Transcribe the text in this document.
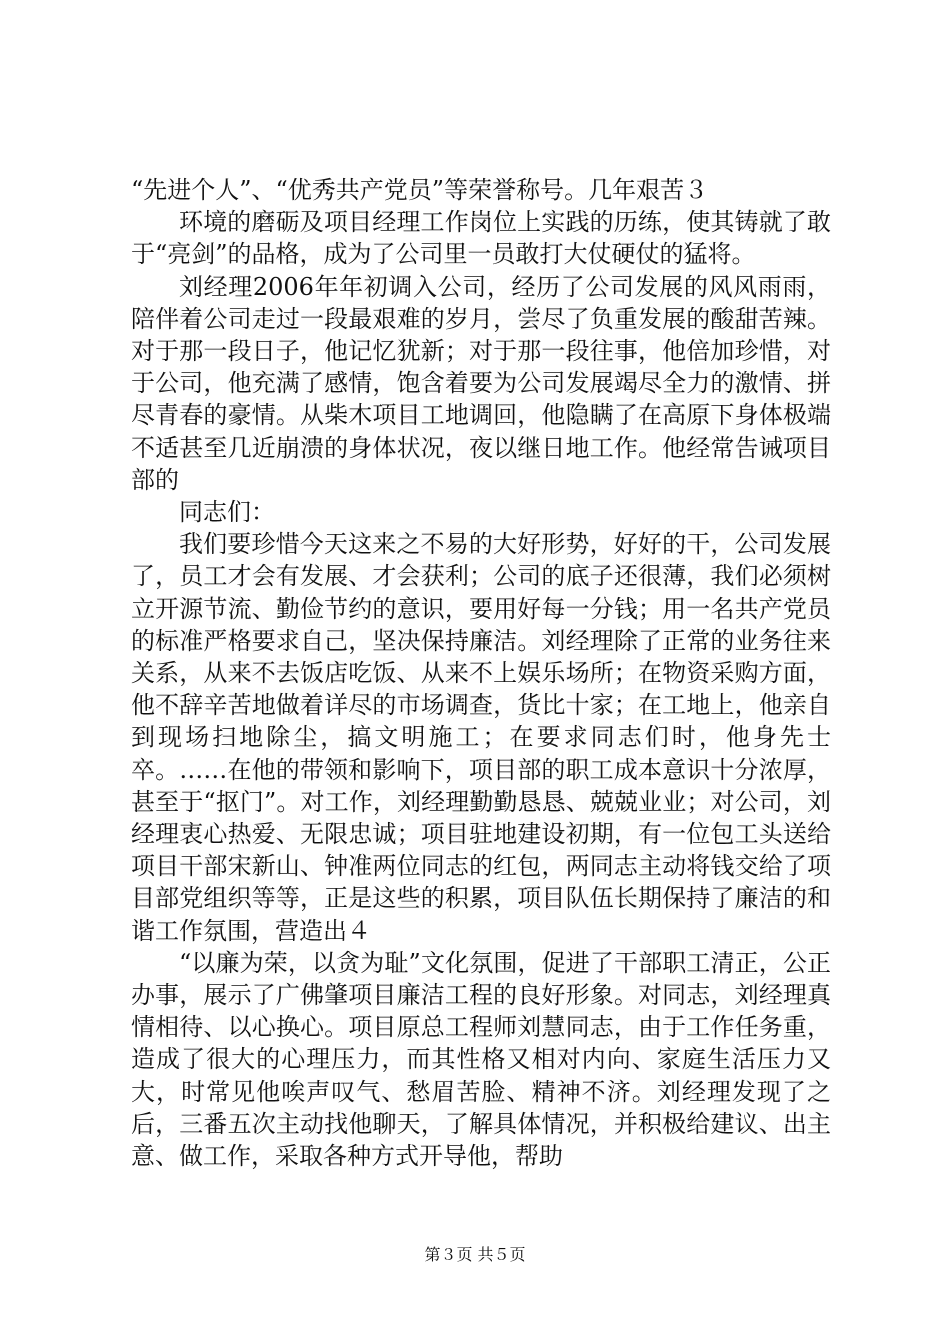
“先进个人”、“优秀共产党员”等荣誉称号。几年艰苦３

环境的磨砺及项目经理工作岗位上实践的历练，使其铸就了敢于“亮剑”的品格，成为了公司里一员敢打大仗硬仗的猛将。

刘经理2006年年初调入公司，经历了公司发展的风风雨雨，陪伴着公司走过一段最艰难的岁月，尝尽了负重发展的酸甜苦辣。对于那一段日子，他记忆犹新；对于那一段往事，他倍加珍惜，对于公司，他充满了感情，饱含着要为公司发展竭尽全力的激情、拼尽青春的豪情。从柴木项目工地调回，他隐瞒了在高原下身体极端不适甚至几近崩溃的身体状况，夜以继日地工作。他经常告诫项目部的

同志们：

我们要珍惜今天这来之不易的大好形势，好好的干，公司发展了，员工才会有发展、才会获利；公司的底子还很薄，我们必须树立开源节流、勤俭节约的意识，要用好每一分钱；用一名共产党员的标准严格要求自己，坚决保持廉洁。刘经理除了正常的业务往来关系，从来不去饭店吃饭、从来不上娱乐场所；在物资采购方面，他不辞辛苦地做着详尽的市场调查，货比十家；在工地上，他亲自到现场扫地除尘，搞文明施工；在要求同志们时，他身先士卒。……在他的带领和影响下，项目部的职工成本意识十分浓厚，甚至于“抠门”。对工作，刘经理勤勤恳恳、兢兢业业；对公司，刘经理衷心热爱、无限忠诚；项目驻地建设初期，有一位包工头送给项目干部宋新山、钟准两位同志的红包，两同志主动将钱交给了项目部党组织等等，正是这些的积累，项目队伍长期保持了廉洁的和谐工作氛围，营造出４

“以廉为荣，以贪为耻”文化氛围，促进了干部职工清正，公正办事，展示了广佛肇项目廉洁工程的良好形象。对同志，刘经理真情相待、以心换心。项目原总工程师刘慧同志，由于工作任务重，造成了很大的心理压力，而其性格又相对内向、家庭生活压力又大，时常见他唉声叹气、愁眉苦脸、精神不济。刘经理发现了之后，三番五次主动找他聊天，了解具体情况，并积极给建议、出主意、做工作，采取各种方式开导他，帮助

第３页 共５页
